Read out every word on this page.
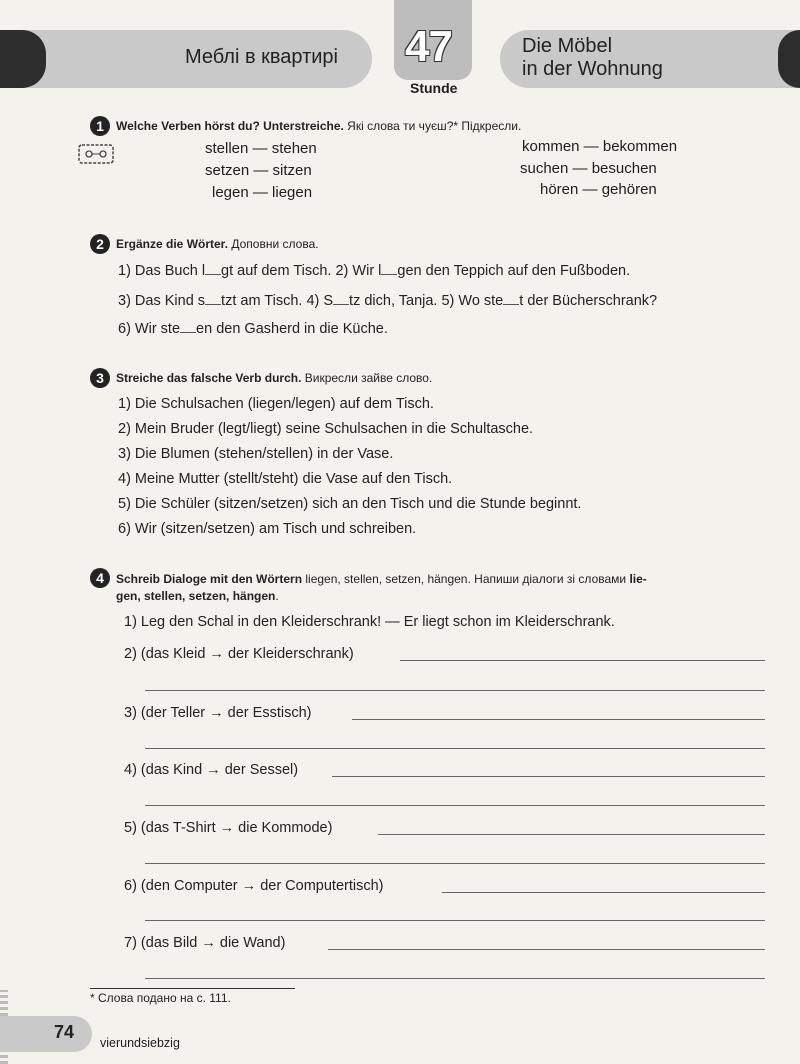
Меблі в квартирі 47
Stunde
Die Möbel
in der Wohnung
1	Welche Verben hörst du? Unterstreiche. Які слова ти чуєш?* Підкресли.
stellen — stehen
setzen — sitzen
legen — liegen
kommen — bekommen
suchen — besuchen
hören — gehören
2	Ergänze die Wörter. Доповни слова.
1) Das Buch l gt auf dem Tisch. 2) Wir l gen den Teppich auf den Fußboden.
3) Das Kind s tzt am Tisch. 4) S tz dich, Tanja. 5) Wo ste t der Bücherschrank?
6) Wir ste en den Gasherd in die Küche.
3	Streiche das falsche Verb durch. Викресли зайве слово.
1) Die Schulsachen (liegen/legen) auf dem Tisch.
2) Mein Bruder (legt/liegt) seine Schulsachen in die Schultasche.
3) Die Blumen (stehen/stellen) in der Vase.
4) Meine Mutter (stellt/steht) die Vase auf den Tisch.
5) Die Schüler (sitzen/setzen) sich an den Tisch und die Stunde beginnt.
6) Wir (sitzen/setzen) am Tisch und schreiben.
4	Schreib Dialoge mit den Wörtern liegen, stellen, setzen, hängen. Напиши діалоги зі словами lie-
gen, stellen, setzen, hängen.
1) Leg den Schal in den Kleiderschrank! — Er liegt schon im Kleiderschrank.
2) (das Kleid → der Kleiderschrank)
3) (der Teller → der Esstisch)
4) (das Kind → der Sessel)
5) (das T-Shirt → die Kommode)
6) (den Computer → der Computertisch)
7) (das Bild → die Wand)
* Слова подано на с. 111.
74
vierundsiebzig
